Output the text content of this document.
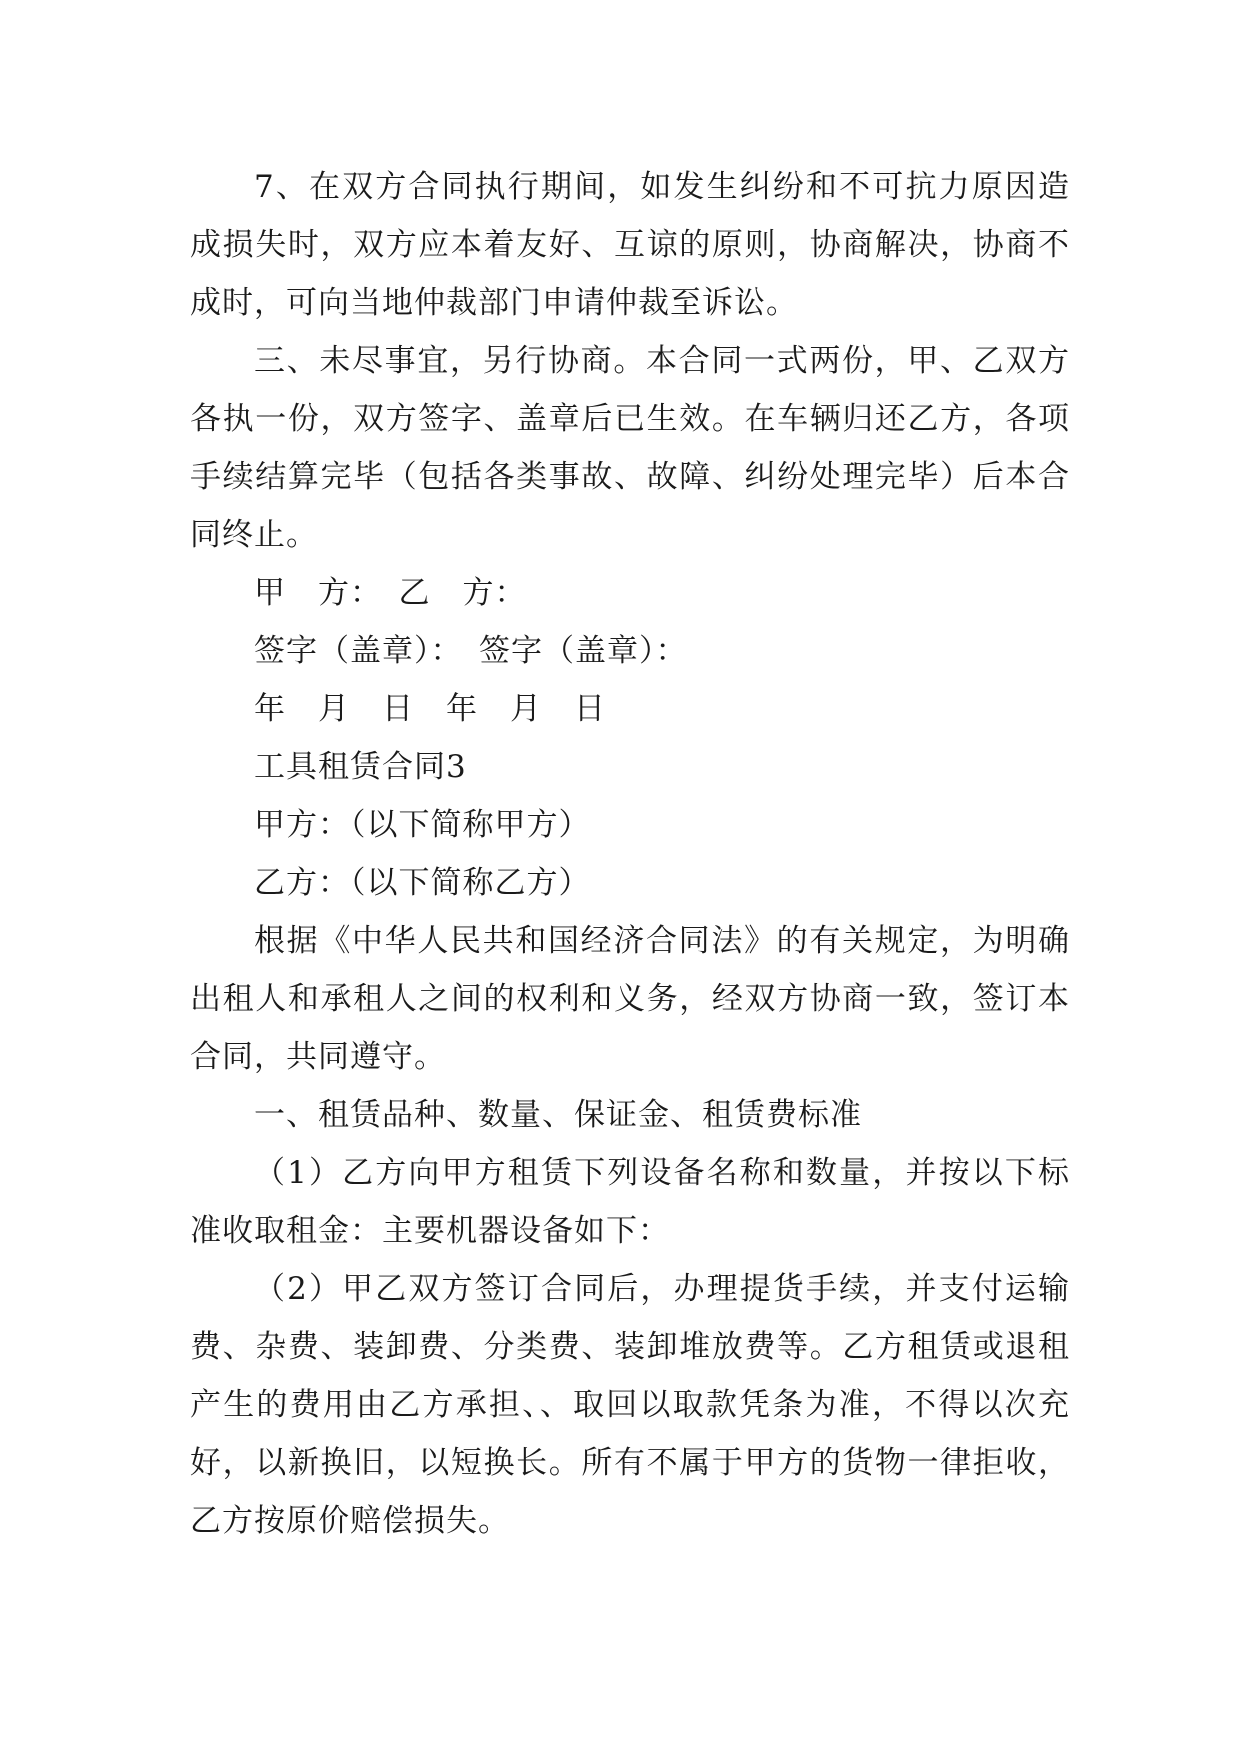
7、在双方合同执行期间，如发生纠纷和不可抗力原因造成损失时，双方应本着友好、互谅的原则，协商解决，协商不成时，可向当地仲裁部门申请仲裁至诉讼。

三、未尽事宜，另行协商。本合同一式两份，甲、乙双方各执一份，双方签字、盖章后已生效。在车辆归还乙方，各项手续结算完毕（包括各类事故、故障、纠纷处理完毕）后本合同终止。

甲　方：　乙　方：

签字（盖章）：　签字（盖章）：

年　月　日　年　月　日

工具租赁合同3

甲方：（以下简称甲方）

乙方：（以下简称乙方）

根据《中华人民共和国经济合同法》的有关规定，为明确出租人和承租人之间的权利和义务，经双方协商一致，签订本合同，共同遵守。

一、租赁品种、数量、保证金、租赁费标准

（1）乙方向甲方租赁下列设备名称和数量，并按以下标准收取租金：主要机器设备如下：

（2）甲乙双方签订合同后，办理提货手续，并支付运输费、杂费、装卸费、分类费、装卸堆放费等。乙方租赁或退租产生的费用由乙方承担、、取回以取款凭条为准，不得以次充好，以新换旧，以短换长。所有不属于甲方的货物一律拒收，乙方按原价赔偿损失。
